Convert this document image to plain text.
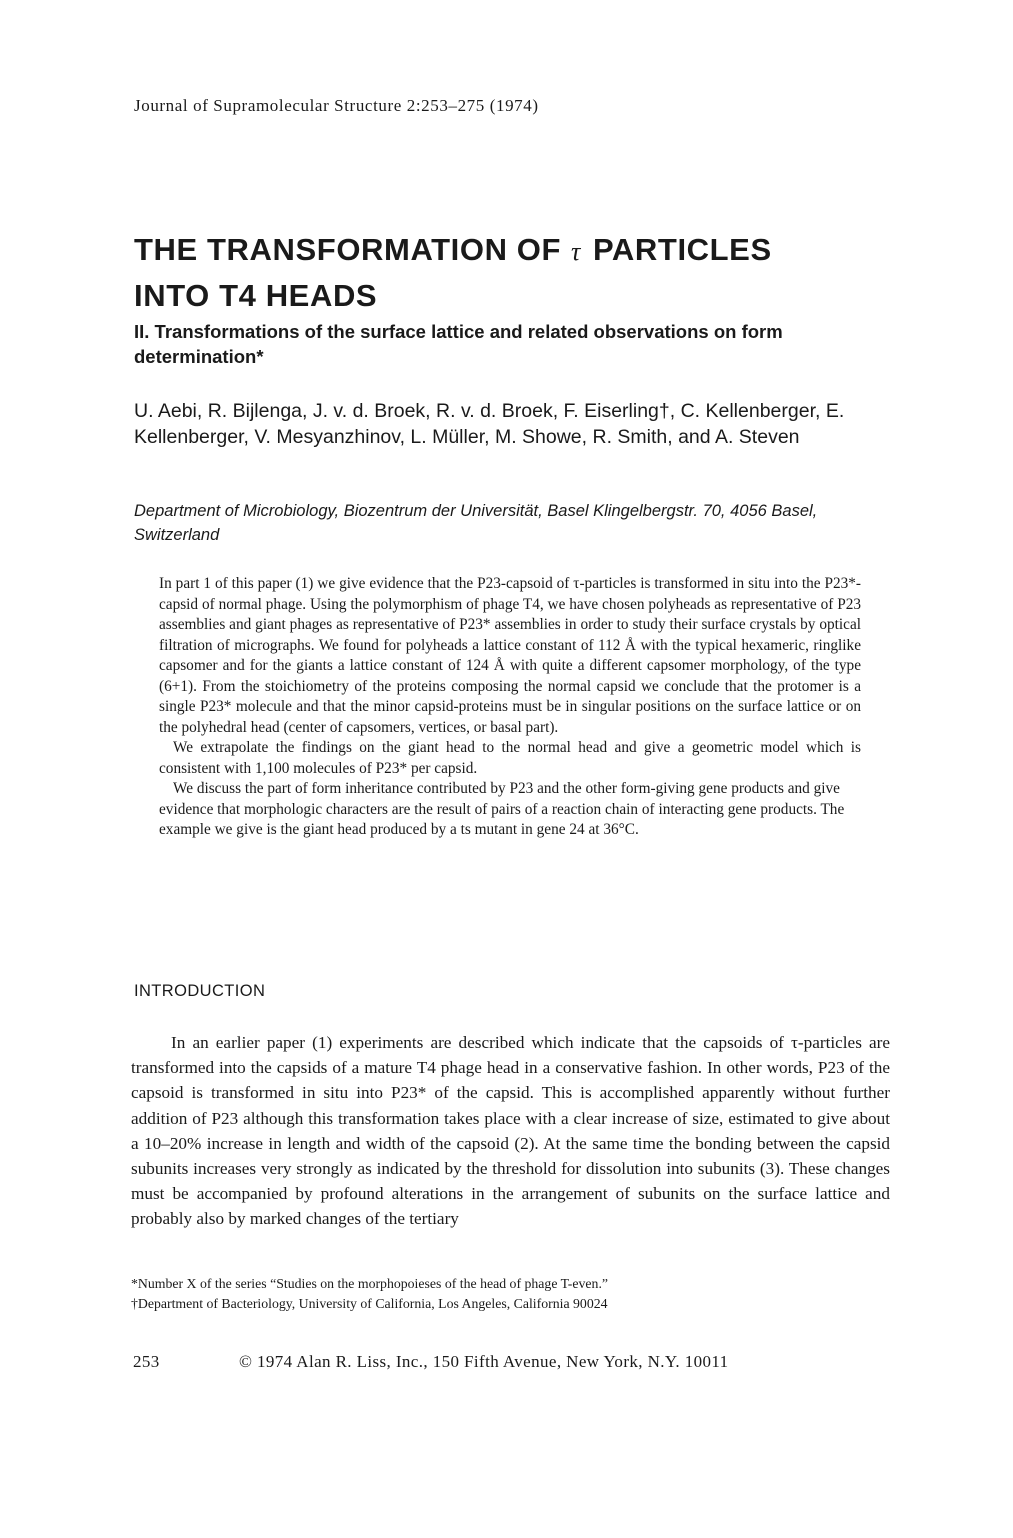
Journal of Supramolecular Structure 2:253–275 (1974)
THE TRANSFORMATION OF τ PARTICLES
INTO T4 HEADS
II. Transformations of the surface lattice and related observations on form determination*

U. Aebi, R. Bijlenga, J. v. d. Broek, R. v. d. Broek, F. Eiserling†, C. Kellenberger, E. Kellenberger, V. Mesyanzhinov, L. Müller, M. Showe, R. Smith, and A. Steven

Department of Microbiology, Biozentrum der Universität, Basel Klingelbergstr. 70, 4056 Basel, Switzerland

In part 1 of this paper (1) we give evidence that the P23-capsoid of τ-particles is transformed in situ into the P23*-capsid of normal phage. Using the polymorphism of phage T4, we have chosen polyheads as representative of P23 assemblies and giant phages as representative of P23* assemblies in order to study their surface crystals by optical filtration of micrographs. We found for polyheads a lattice constant of 112 Å with the typical hexameric, ringlike capsomer and for the giants a lattice constant of 124 Å with quite a different capsomer morphology, of the type (6+1). From the stoichiometry of the proteins composing the normal capsid we conclude that the protomer is a single P23* molecule and that the minor capsid-proteins must be in singular positions on the surface lattice or on the polyhedral head (center of capsomers, vertices, or basal part).

We extrapolate the findings on the giant head to the normal head and give a geometric model which is consistent with 1,100 molecules of P23* per capsid.

We discuss the part of form inheritance contributed by P23 and the other form-giving gene products and give evidence that morphologic characters are the result of pairs of a reaction chain of interacting gene products. The example we give is the giant head produced by a ts mutant in gene 24 at 36°C.

INTRODUCTION

In an earlier paper (1) experiments are described which indicate that the capsoids of τ-particles are transformed into the capsids of a mature T4 phage head in a conservative fashion. In other words, P23 of the capsoid is transformed in situ into P23* of the capsid. This is accomplished apparently without further addition of P23 although this transformation takes place with a clear increase of size, estimated to give about a 10–20% increase in length and width of the capsoid (2). At the same time the bonding between the capsid subunits increases very strongly as indicated by the threshold for dissolution into subunits (3). These changes must be accompanied by profound alterations in the arrangement of subunits on the surface lattice and probably also by marked changes of the tertiary

*Number X of the series “Studies on the morphopoieses of the head of phage T-even.”
†Department of Bacteriology, University of California, Los Angeles, California 90024
253	© 1974 Alan R. Liss, Inc., 150 Fifth Avenue, New York, N.Y. 10011
